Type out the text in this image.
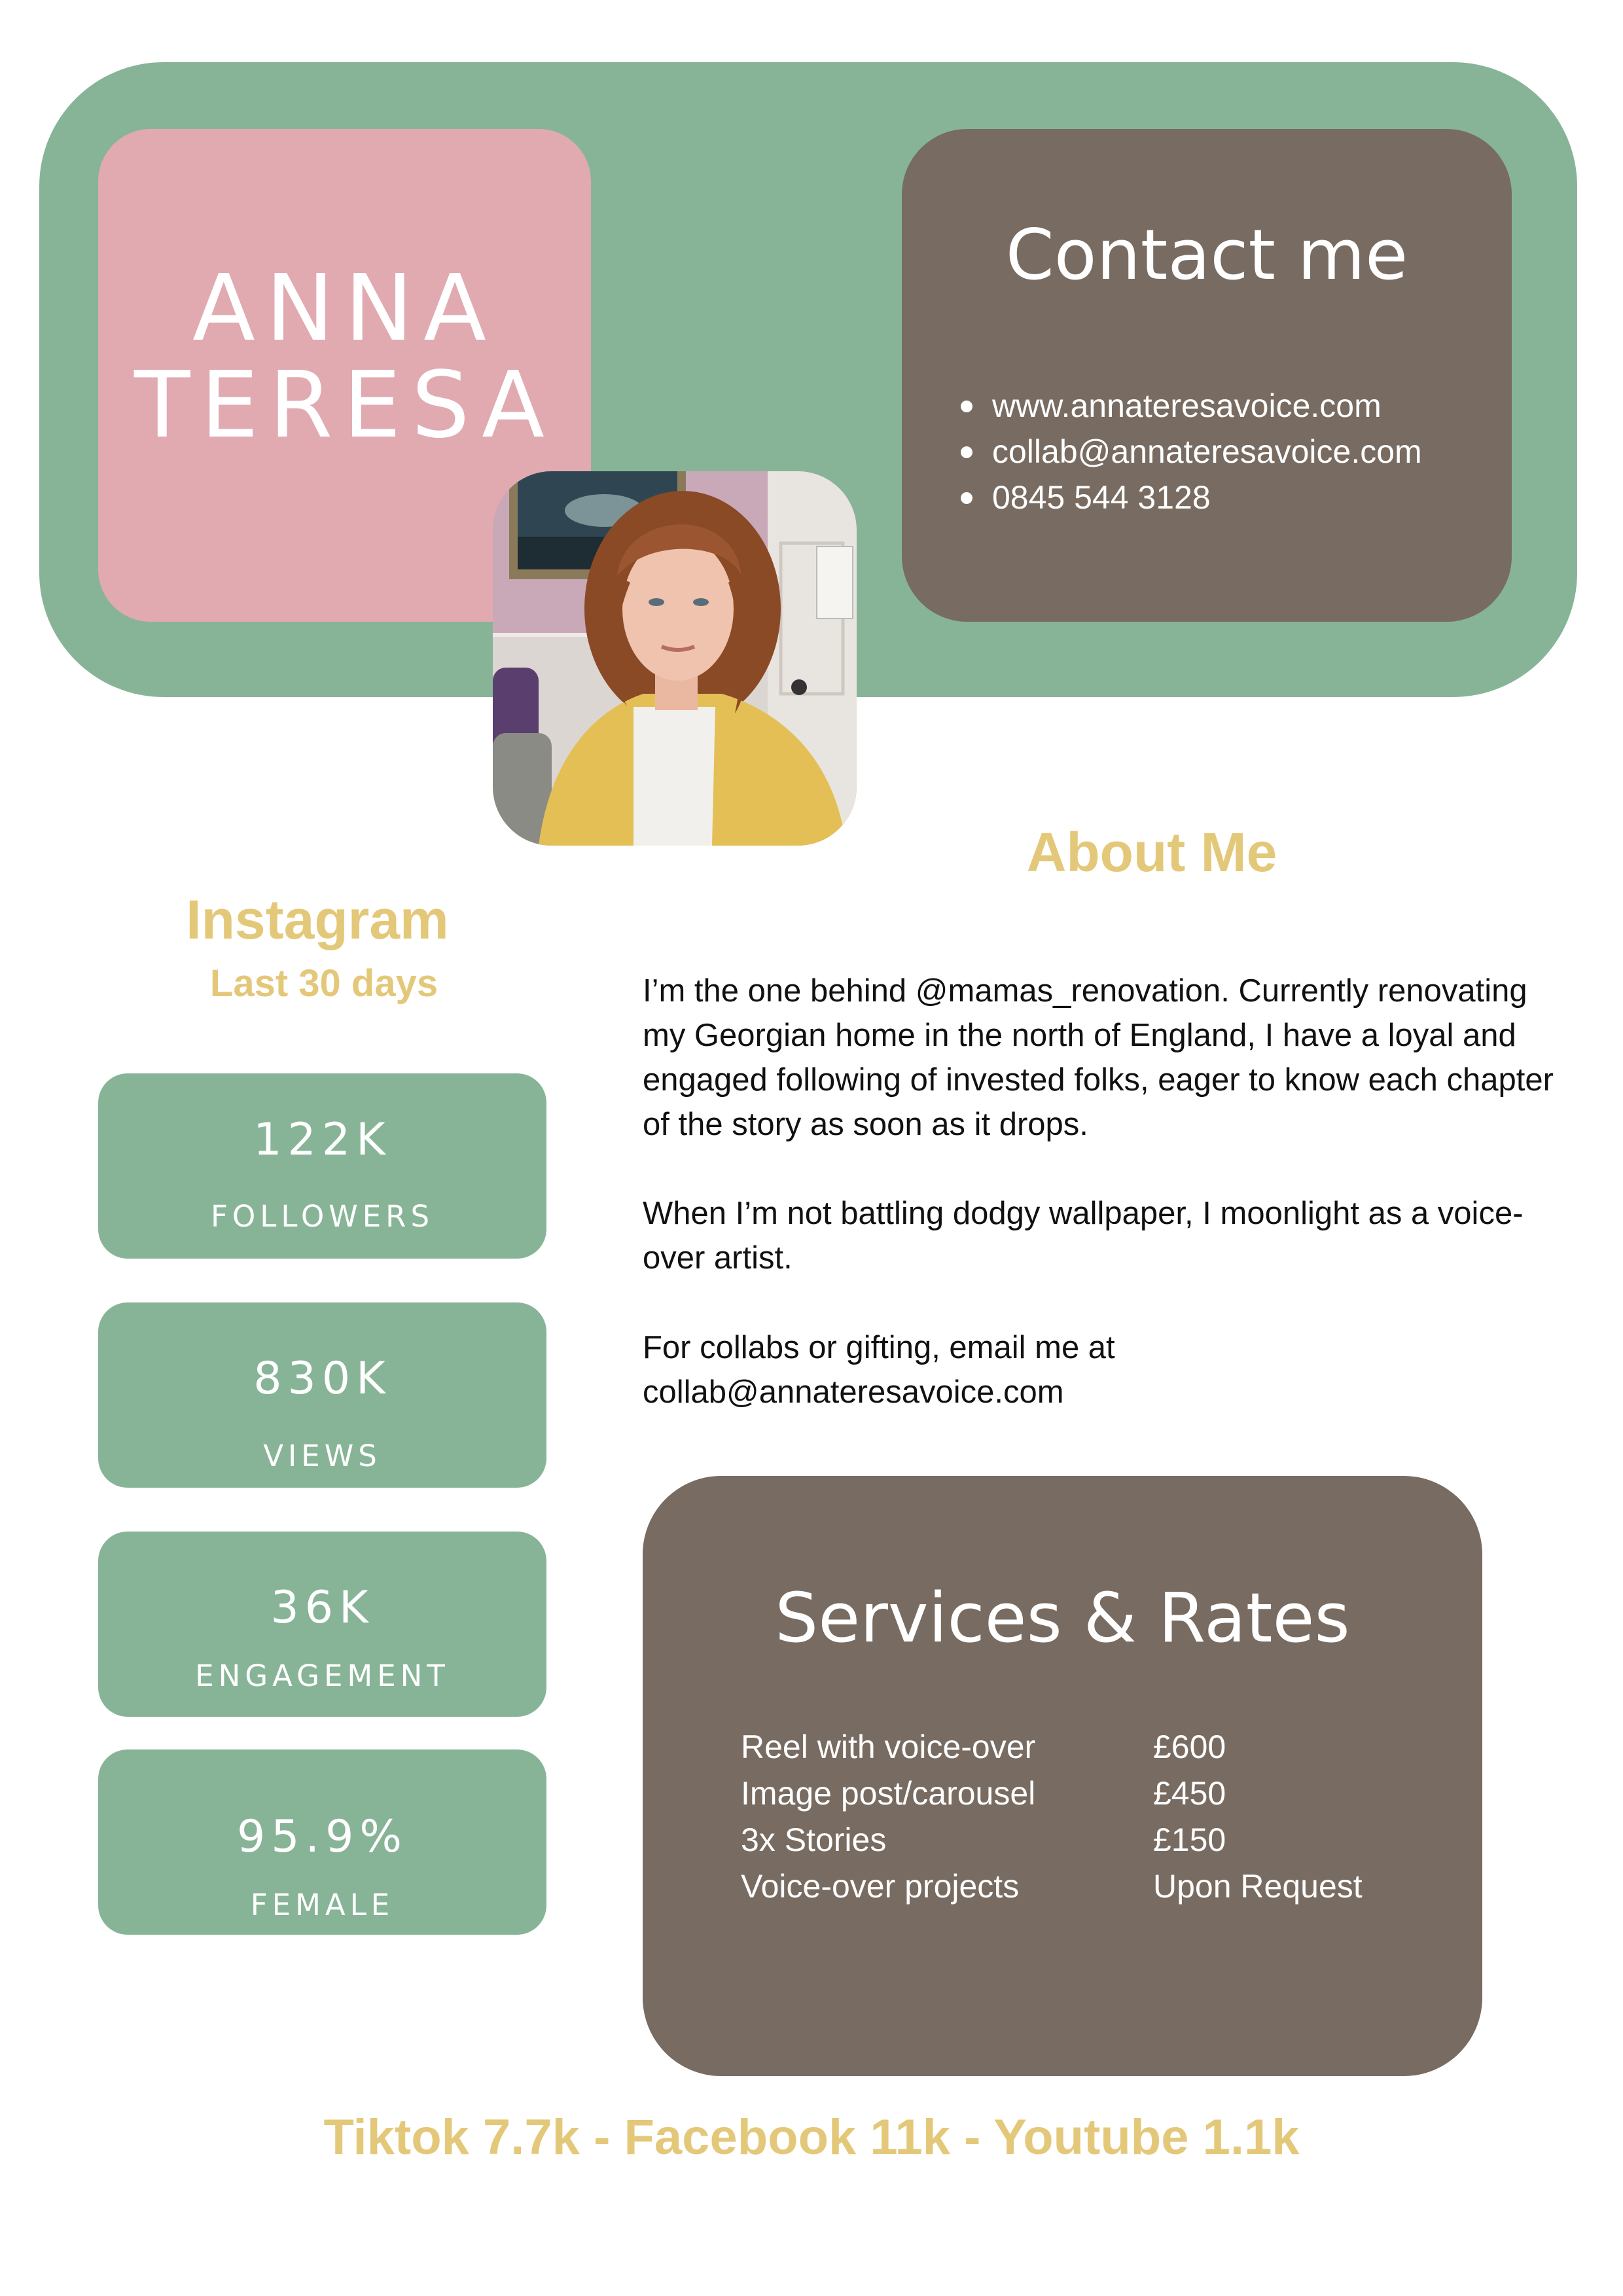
ANNA
TERESA
Contact me
www.annateresavoice.com
collab@annateresavoice.com
0845 544 3128
About Me
Instagram
Last 30 days
122K
FOLLOWERS
830K
VIEWS
36K
ENGAGEMENT
95.9%
FEMALE

I’m the one behind @mamas_renovation. Currently renovating my Georgian home in the north of England, I have a loyal and engaged following of invested folks, eager to know each chapter of the story as soon as it drops.

When I’m not battling dodgy wallpaper, I moonlight as a voice-over artist.

For collabs or gifting, email me at collab@annateresavoice.com

Services & Rates
Reel with voice-over	£600
Image post/carousel	£450
3x Stories	£150
Voice-over projects	Upon Request
Tiktok 7.7k - Facebook 11k - Youtube 1.1k
